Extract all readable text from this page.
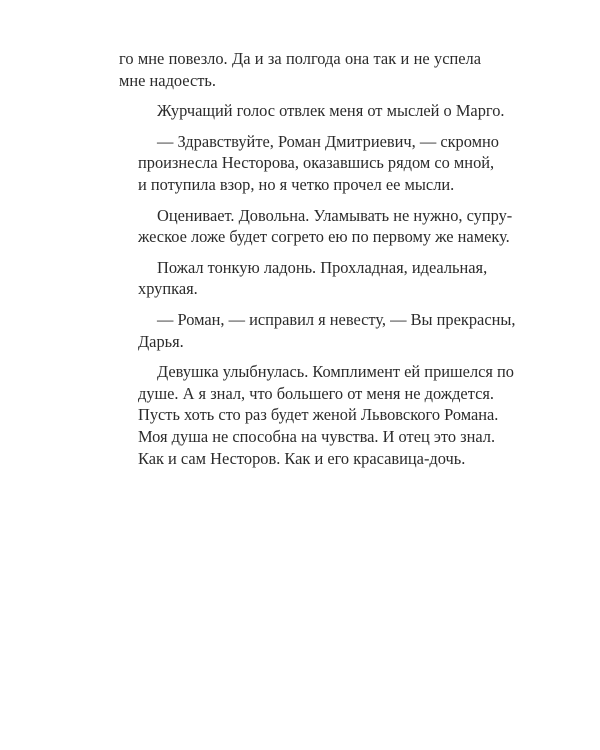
го мне повезло. Да и за полгода она так и не успела
мне надоесть.
Журчащий голос отвлек меня от мыслей о Марго.
— Здравствуйте, Роман Дмитриевич, — скромно
произнесла Несторова, оказавшись рядом со мной,
и потупила взор, но я четко прочел ее мысли.
Оценивает. Довольна. Уламывать не нужно, супру-
жеское ложе будет согрето ею по первому же намеку.
Пожал тонкую ладонь. Прохладная, идеальная,
хрупкая.
— Роман, — исправил я невесту, — Вы прекрасны,
Дарья.
Девушка улыбнулась. Комплимент ей пришелся по
душе. А я знал, что большего от меня не дождется.
Пусть хоть сто раз будет женой Львовского Романа.
Моя душа не способна на чувства. И отец это знал.
Как и сам Несторов. Как и его красавица-дочь.
